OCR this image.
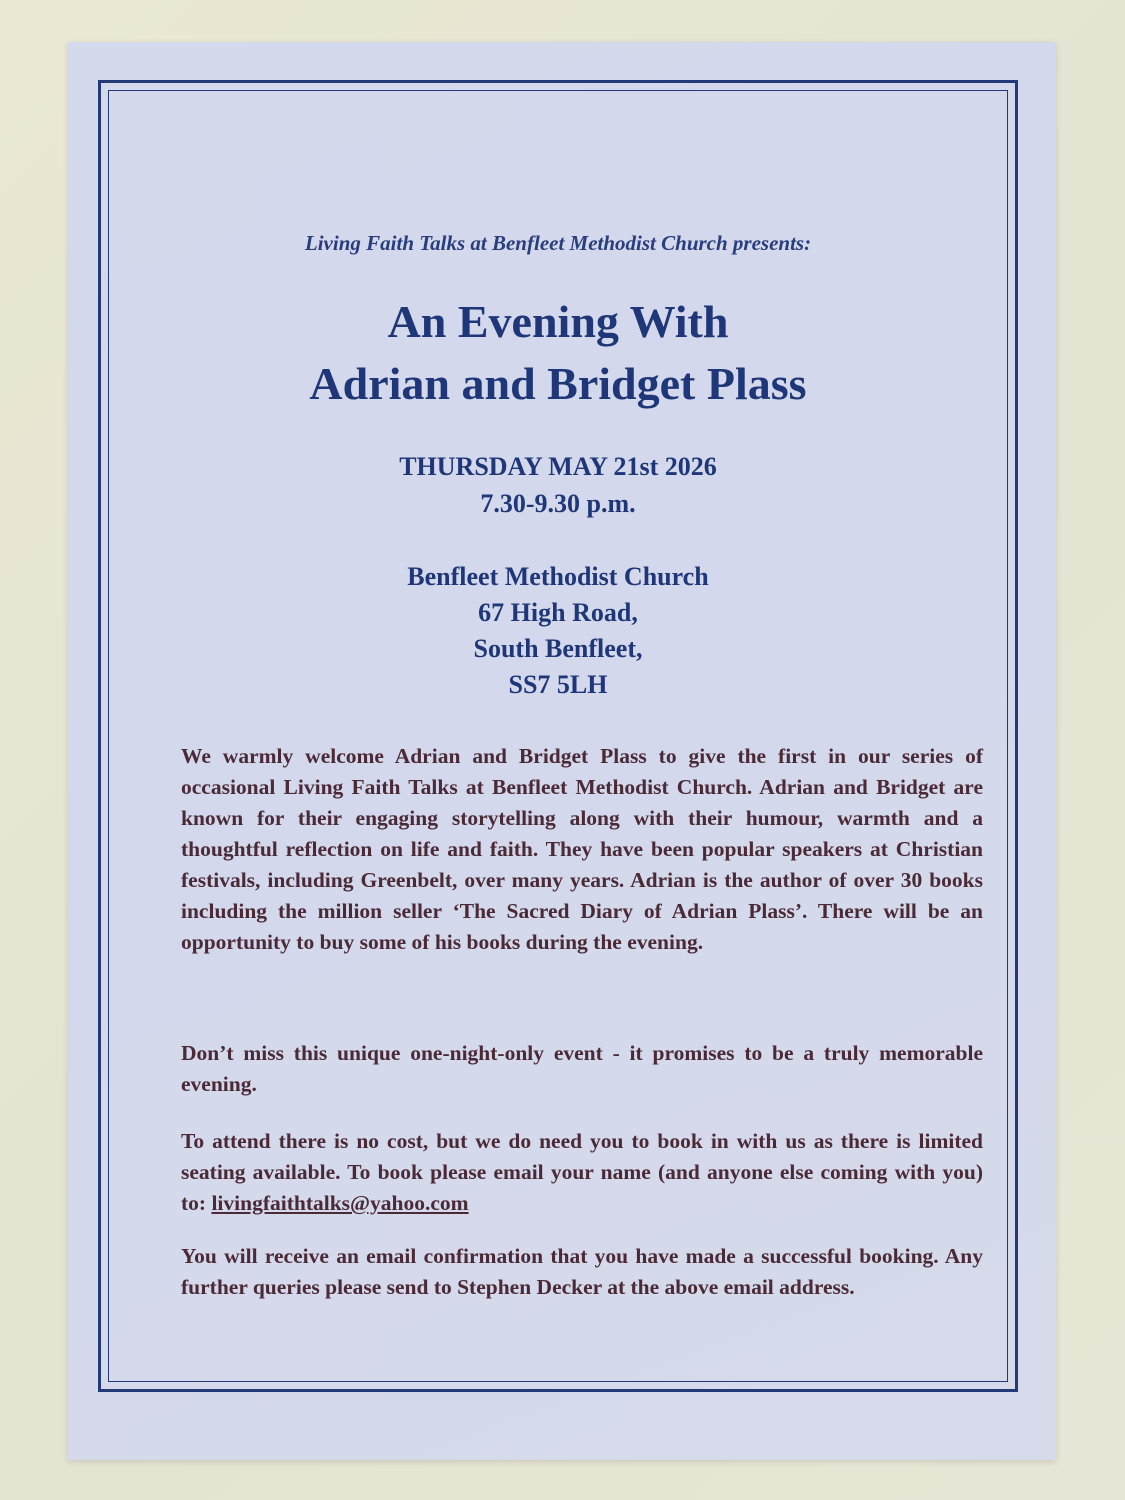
Living Faith Talks at Benfleet Methodist Church presents:
An Evening With
Adrian and Bridget Plass
THURSDAY MAY 21st 2026
7.30-9.30 p.m.
Benfleet Methodist Church
67 High Road,
South Benfleet,
SS7 5LH
We warmly welcome Adrian and Bridget Plass to give the first in our series of occasional Living Faith Talks at Benfleet Methodist Church. Adrian and Bridget are known for their engaging storytelling along with their humour, warmth and a thoughtful reflection on life and faith. They have been popular speakers at Christian festivals, including Greenbelt, over many years. Adrian is the author of over 30 books including the million seller ‘The Sacred Diary of Adrian Plass’. There will be an opportunity to buy some of his books during the evening.
Don’t miss this unique one-night-only event - it promises to be a truly memorable evening.
To attend there is no cost, but we do need you to book in with us as there is limited seating available. To book please email your name (and anyone else coming with you) to: livingfaithtalks@yahoo.com
You will receive an email confirmation that you have made a successful booking. Any further queries please send to Stephen Decker at the above email address.
